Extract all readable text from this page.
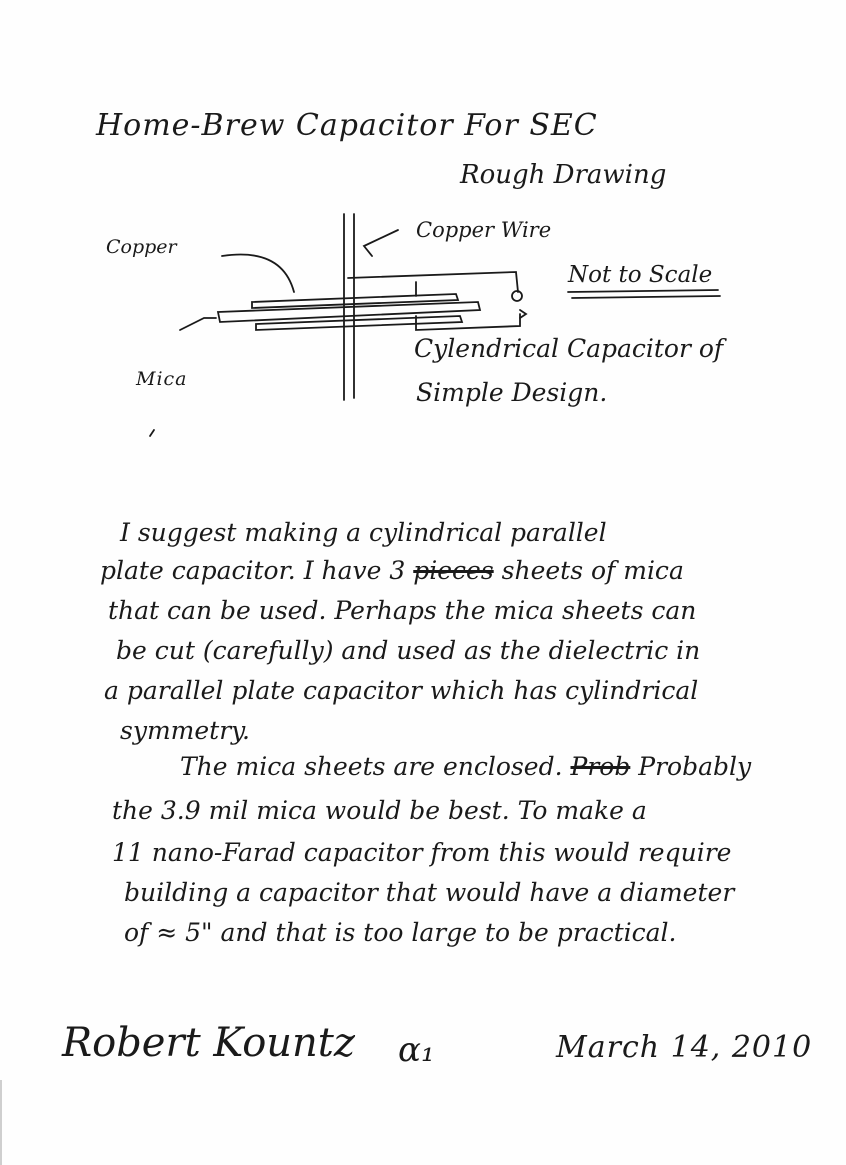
Home-Brew Capacitor For SEC
Rough Drawing
Copper
Copper Wire
Not to Scale
Mica
Cylendrical Capacitor of
Simple Design.
I suggest making a cylindrical parallel
plate capacitor. I have 3 pieces sheets of mica
that can be used. Perhaps the mica sheets can
be cut (carefully) and used as the dielectric in
a parallel plate capacitor which has cylindrical
symmetry.
The mica sheets are enclosed. Prob Probably
the 3.9 mil mica would be best. To make a
11 nano-Farad capacitor from this would require
building a capacitor that would have a diameter
of ≈ 5" and that is too large to be practical.
Robert Kountz α₁	March 14, 2010
